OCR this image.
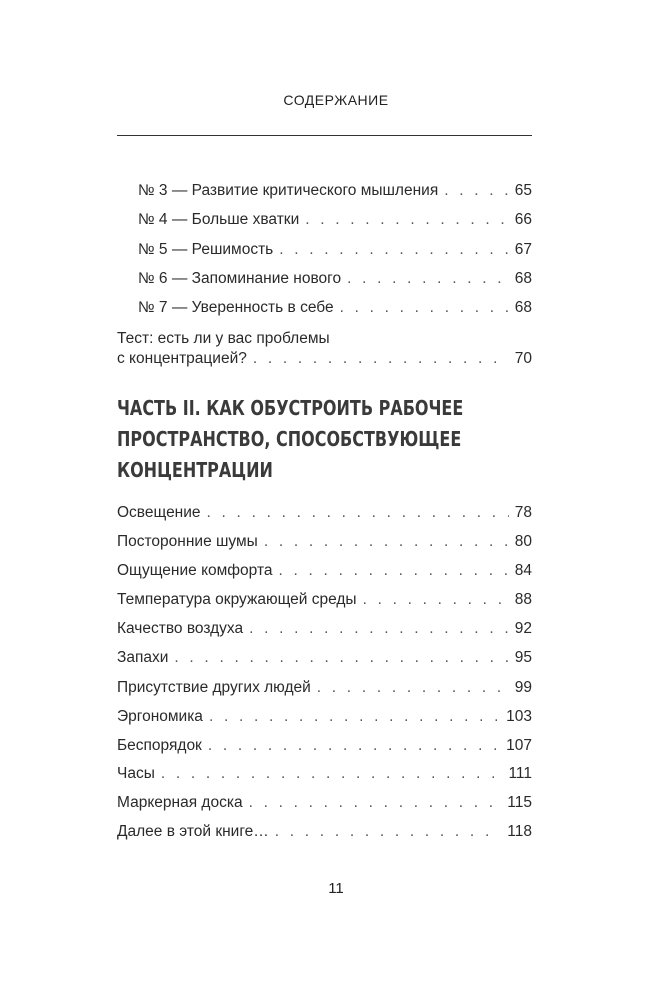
СОДЕРЖАНИЕ
№ 3 — Развитие критического мышления . . .	65
№ 4 — Больше хватки . . .	66
№ 5 — Решимость . . .	67
№ 6 — Запоминание нового . . .	68
№ 7 — Уверенность в себе . . .	68
Тест: есть ли у вас проблемы
с концентрацией? . . .	70
ЧАСТЬ II. КАК ОБУСТРОИТЬ РАБОЧЕЕ
ПРОСТРАНСТВО, СПОСОБСТВУЮЩЕЕ
КОНЦЕНТРАЦИИ
Освещение . . .	78
Посторонние шумы . . .	80
Ощущение комфорта . . .	84
Температура окружающей среды . . .	88
Качество воздуха . . .	92
Запахи . . .	95
Присутствие других людей . . .	99
Эргономика . . .	103
Беспорядок . . .	107
Часы . . .	111
Маркерная доска . . .	115
Далее в этой книге… . . .	118
11
